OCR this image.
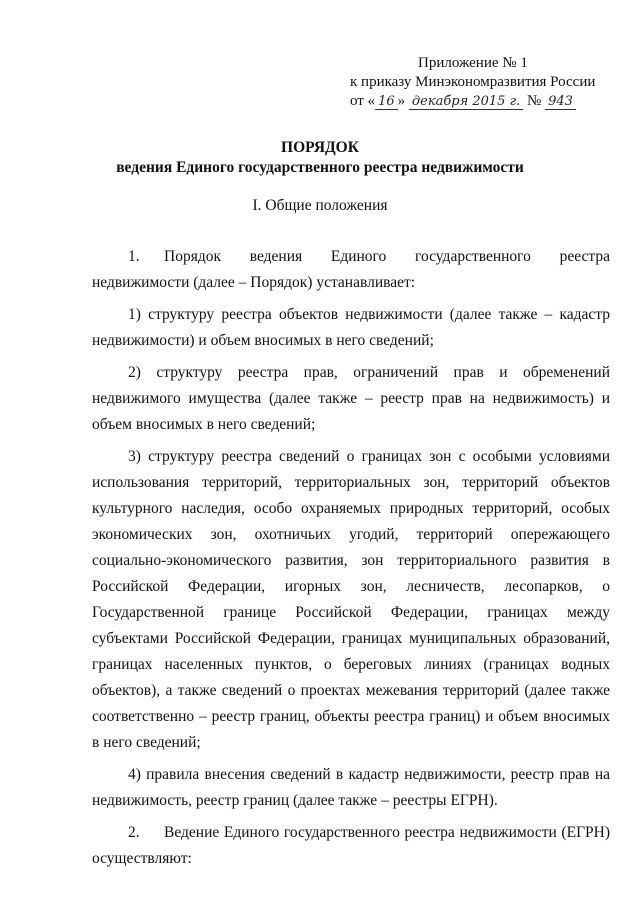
Приложение № 1
к приказу Минэкономразвития России
от « 16 » декабря 2015 г. № 943
ПОРЯДОК
ведения Единого государственного реестра недвижимости
I. Общие положения

1. Порядок ведения Единого государственного реестра недвижимости (далее – Порядок) устанавливает:

1) структуру реестра объектов недвижимости (далее также – кадастр недвижимости) и объем вносимых в него сведений;

2) структуру реестра прав, ограничений прав и обременений недвижимого имущества (далее также – реестр прав на недвижимость) и объем вносимых в него сведений;

3) структуру реестра сведений о границах зон с особыми условиями использования территорий, территориальных зон, территорий объектов культурного наследия, особо охраняемых природных территорий, особых экономических зон, охотничьих угодий, территорий опережающего социально-экономического развития, зон территориального развития в Российской Федерации, игорных зон, лесничеств, лесопарков, о Государственной границе Российской Федерации, границах между субъектами Российской Федерации, границах муниципальных образований, границах населенных пунктов, о береговых линиях (границах водных объектов), а также сведений о проектах межевания территорий (далее также соответственно – реестр границ, объекты реестра границ) и объем вносимых в него сведений;

4) правила внесения сведений в кадастр недвижимости, реестр прав на недвижимость, реестр границ (далее также – реестры ЕГРН).

2. Ведение Единого государственного реестра недвижимости (ЕГРН) осуществляют:
